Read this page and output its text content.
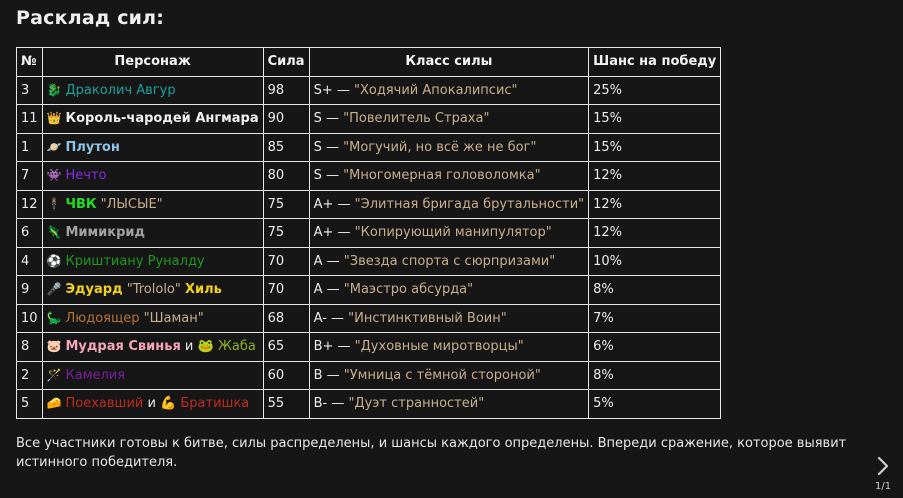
Расклад сил:
№	Персонаж	Сила	Класс силы	Шанс на победу
3	🐉 Драколич Авгур	98	S+ — "Ходячий Апокалипсис"	25%
11	👑 Король-чародей Ангмара	90	S — "Повелитель Страха"	15%
1	🪐 Плутон	85	S — "Могучий, но всё же не бог"	15%
7	👾 Нечто	80	S — "Многомерная головоломка"	12%
12	🕴 ЧВК "ЛЫСЫЕ"	75	A+ — "Элитная бригада брутальности"	12%
6	🦎 Мимикрид	75	A+ — "Копирующий манипулятор"	12%
4	⚽ Криштиану Руналду	70	A — "Звезда спорта с сюрпризами"	10%
9	🎤 Эдуард "Trololo" Хиль	70	A — "Маэстро абсурда"	8%
10	🦕 Людоящер "Шаман"	68	A- — "Инстинктивный Воин"	7%
8	🐷 Мудрая Свинья и 🐸 Жаба	65	B+ — "Духовные миротворцы"	6%
2	🪄 Камелия	60	B — "Умница с тёмной стороной"	8%
5	🧀 Поехавший и 💪 Братишка	55	B- — "Дуэт странностей"	5%
Все участники готовы к битве, силы распределены, и шансы каждого определены. Впереди сражение, которое выявит истинного победителя.
1/1
